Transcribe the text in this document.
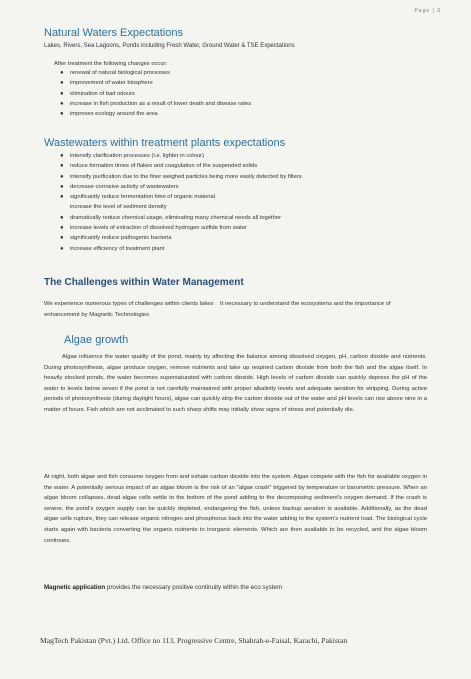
Page | 3
Natural Waters Expectations

Lakes, Rivers, Sea Lagoons, Ponds including Fresh Water, Ground Water & TSE Expectations

After treatment the following changes occur:

● renewal of natural biological processes
● improvement of water biosphere
● elimination of bad odours
● increase in fish production as a result of lower death and disease rates
● improves ecology around the area
Wastewaters within treatment plants expectations
● intensify clarification processes (i.e. lighter in colour)
● reduce formation times of flakes and coagulation of the suspended solids
● intensify purification due to the finer weighed particles being more easily detected by filters
● decrease corrosive activity of wastewaters
● significantly reduce fermentation time of organic material
increase the level of sediment density
● dramatically reduce chemical usage, eliminating many chemical needs all together
● increase levels of extraction of dissolved hydrogen sulfide from water
● significantly reduce pathogenic bacteria
● increase efficiency of treatment plant
The Challenges within Water Management

We experience numerous types of challenges within clients lakes    It necessary to understand the ecosystems and the importance of enhancement by Magnetic Technologies

Algae growth

Algae influence the water quality of the pond, mainly by affecting the balance among dissolved oxygen, pH, carbon dioxide and nutrients. During photosynthesis, algae produce oxygen, remove nutrients and take up respired carbon dioxide from both the fish and the algae itself. In heavily stocked ponds, the water becomes supersaturated with carbon dioxide. High levels of carbon dioxide can quickly depress the pH of the water to levels below seven if the pond is not carefully maintained with proper alkalinity levels and adequate aeration for stripping. During active periods of photosynthesis (during daylight hours), algae can quickly strip the carbon dioxide out of the water and pH levels can rise above nine in a matter of hours. Fish which are not acclimated to such sharp shifts may initially show signs of stress and potentially die.

At night, both algae and fish consume oxygen from and exhale carbon dioxide into the system. Algae compete with the fish for available oxygen in the water. A potentially serious impact of an algae bloom is the risk of an "algae crash" triggered by temperature or barometric pressure. When an algae bloom collapses, dead algae cells settle to the bottom of the pond adding to the decomposing sediment's oxygen demand. If the crash is severe, the pond's oxygen supply can be quickly depleted, endangering the fish, unless backup aeration is available. Additionally, as the dead algae cells rupture, they can release organic nitrogen and phosphorus back into the water adding to the system's nutrient load. The biological cycle starts again with bacteria converting the organic nutrients to inorganic elements. Which are then available to be recycled, and the algae bloom continues.

Magnetic application provides the necessary positive continuity within the eco system

MagTech Pakistan (Pvt.) Ltd. Office no 113, Progressive Centre, Shahrah-e-Faisal, Karachi, Pakistan
